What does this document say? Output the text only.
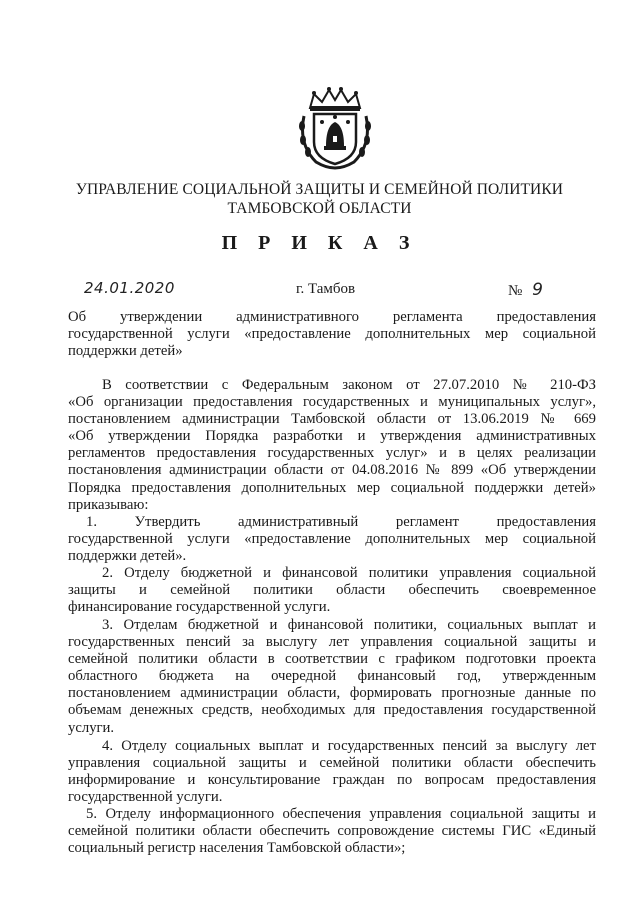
УПРАВЛЕНИЕ СОЦИАЛЬНОЙ ЗАЩИТЫ И СЕМЕЙНОЙ ПОЛИТИКИ
ТАМБОВСКОЙ ОБЛАСТИ
П Р И К А З
24.01.2020	г. Тамбов	№ 9
Об утверждении административного регламента предоставления
государственной услуги «предоставление дополнительных мер социальной
поддержки детей»
В соответствии с Федеральным законом от 27.07.2010 № 210-ФЗ
«Об организации предоставления государственных и муниципальных услуг»,
постановлением администрации Тамбовской области от 13.06.2019 № 669
«Об утверждении Порядка разработки и утверждения административных
регламентов предоставления государственных услуг» и в целях реализации
постановления администрации области от 04.08.2016 № 899 «Об утверждении
Порядка предоставления дополнительных мер социальной поддержки детей»
приказываю:
1. Утвердить административный регламент предоставления
государственной услуги «предоставление дополнительных мер социальной
поддержки детей».
2. Отделу бюджетной и финансовой политики управления социальной
защиты и семейной политики области обеспечить своевременное
финансирование государственной услуги.
3. Отделам бюджетной и финансовой политики, социальных выплат и
государственных пенсий за выслугу лет управления социальной защиты и
семейной политики области в соответствии с графиком подготовки проекта
областного бюджета на очередной финансовый год, утвержденным
постановлением администрации области, формировать прогнозные данные по
объемам денежных средств, необходимых для предоставления государственной
услуги.
4. Отделу социальных выплат и государственных пенсий за выслугу лет
управления социальной защиты и семейной политики области обеспечить
информирование и консультирование граждан по вопросам предоставления
государственной услуги.
5. Отделу информационного обеспечения управления социальной защиты и
семейной политики области обеспечить сопровождение системы ГИС «Единый
социальный регистр населения Тамбовской области»;
